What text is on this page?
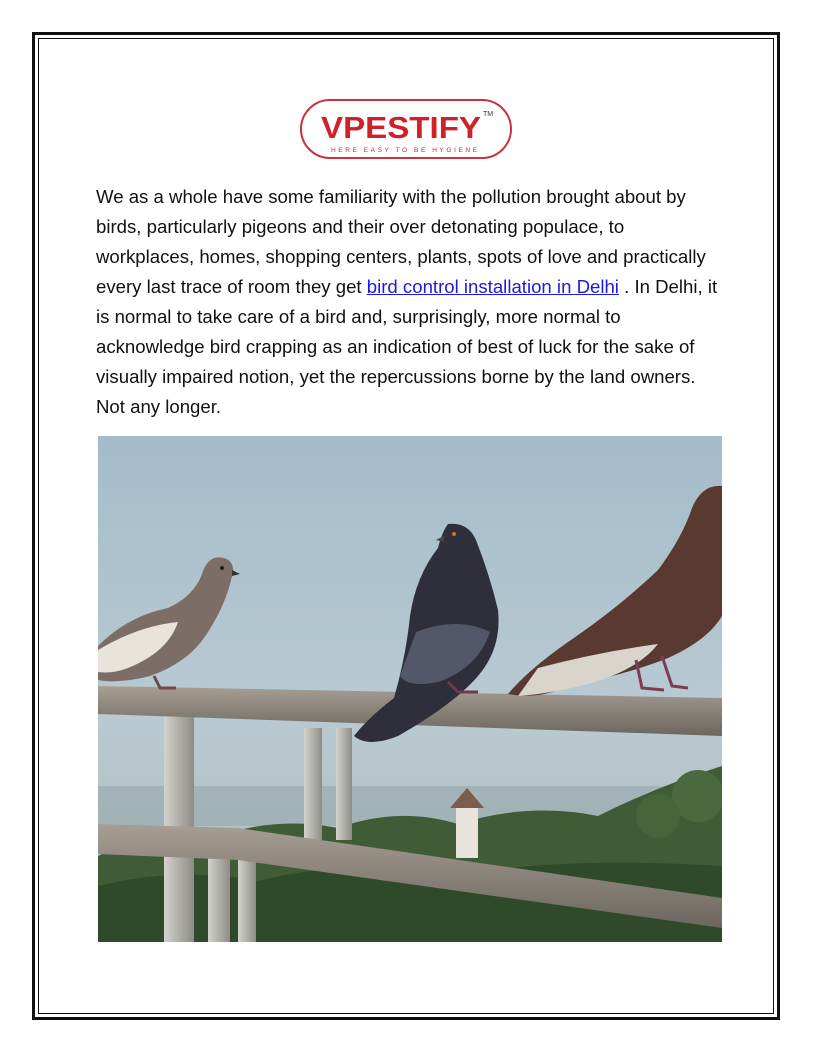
VPESTIFY TM
HERE EASY TO BE HYGIENE

We as a whole have some familiarity with the pollution brought about by birds, particularly pigeons and their over detonating populace, to workplaces, homes, shopping centers, plants, spots of love and practically every last trace of room they get bird control installation in Delhi . In Delhi, it is normal to take care of a bird and, surprisingly, more normal to acknowledge bird crapping as an indication of best of luck for the sake of visually impaired notion, yet the repercussions borne by the land owners. Not any longer.
